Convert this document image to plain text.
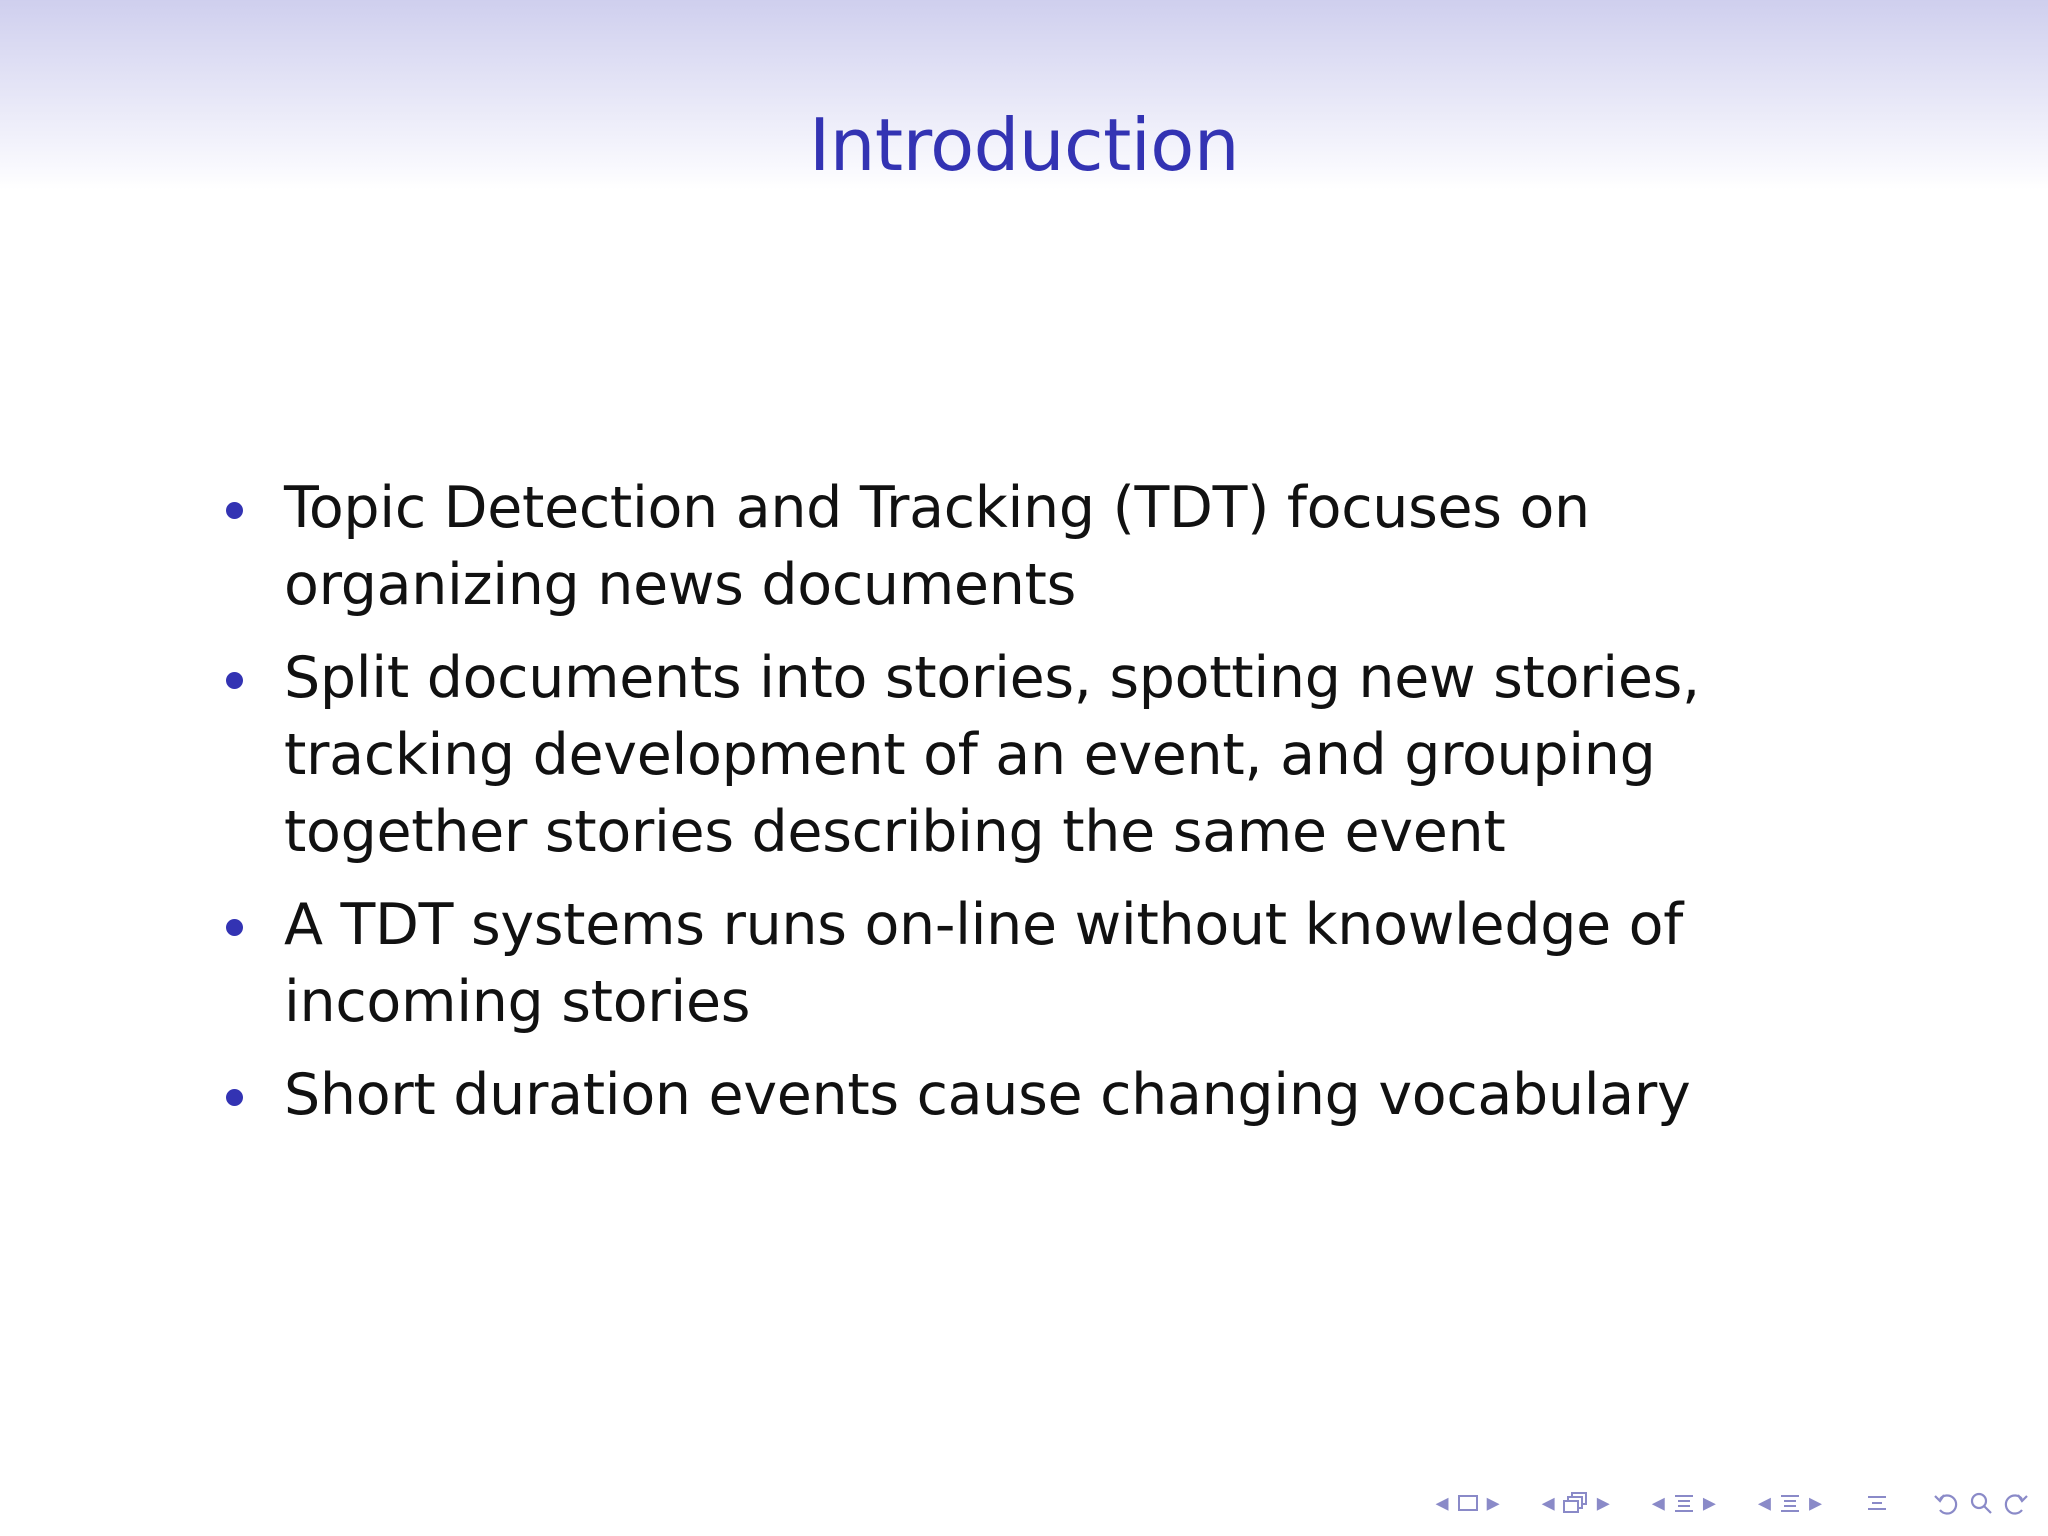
Introduction
Topic Detection and Tracking (TDT) focuses on organizing news documents
Split documents into stories, spotting new stories, tracking development of an event, and grouping together stories describing the same event
A TDT systems runs on-line without knowledge of incoming stories
Short duration events cause changing vocabulary
◂ ▸ ◂ ▸ ◂ ▸ ◂ ▸
